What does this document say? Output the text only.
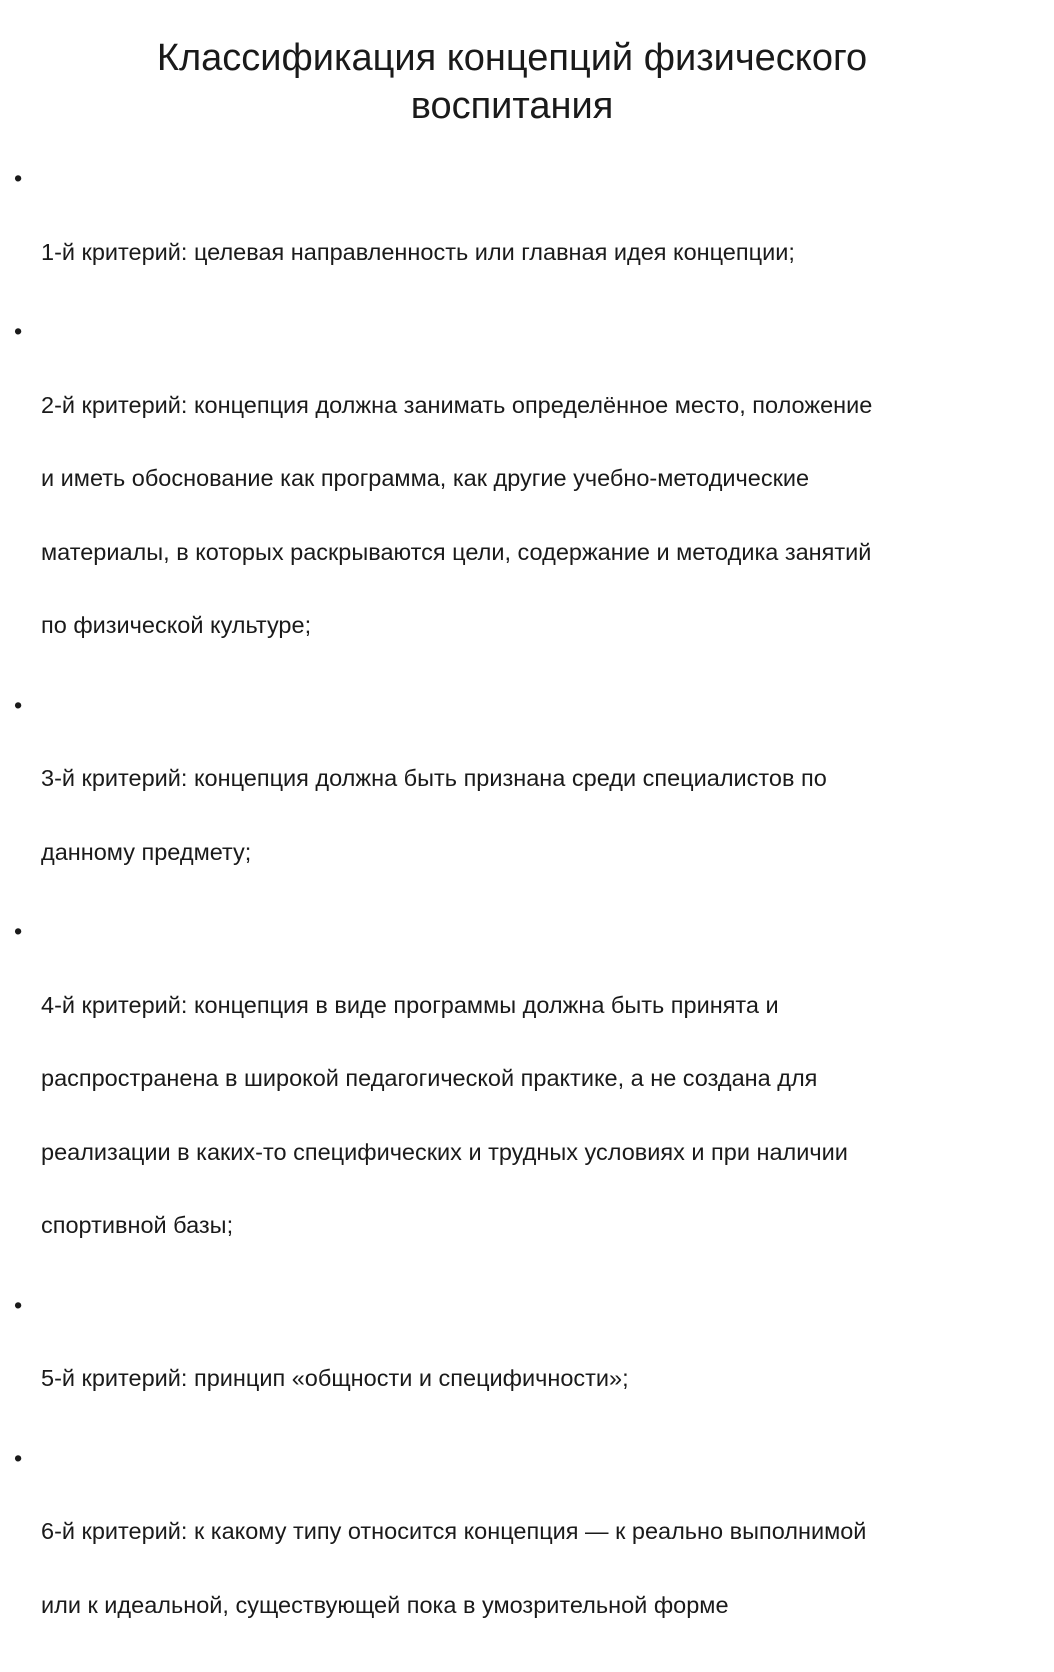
Классификация концепций физического
воспитания

•

1-й критерий: целевая направленность или главная идея концепции;

•

2-й критерий: концепция должна занимать определённое место, положение

и иметь обоснование как программа, как другие учебно-методические

материалы, в которых раскрываются цели, содержание и методика занятий

по физической культуре;

•

3-й критерий: концепция должна быть признана среди специалистов по

данному предмету;

•

4-й критерий: концепция в виде программы должна быть принята и

распространена в широкой педагогической практике, а не создана для

реализации в каких-то специфических и трудных условиях и при наличии

спортивной базы;

•

5-й критерий: принцип «общности и специфичности»;

•

6-й критерий: к какому типу относится концепция — к реально выполнимой

или к идеальной, существующей пока в умозрительной форме
